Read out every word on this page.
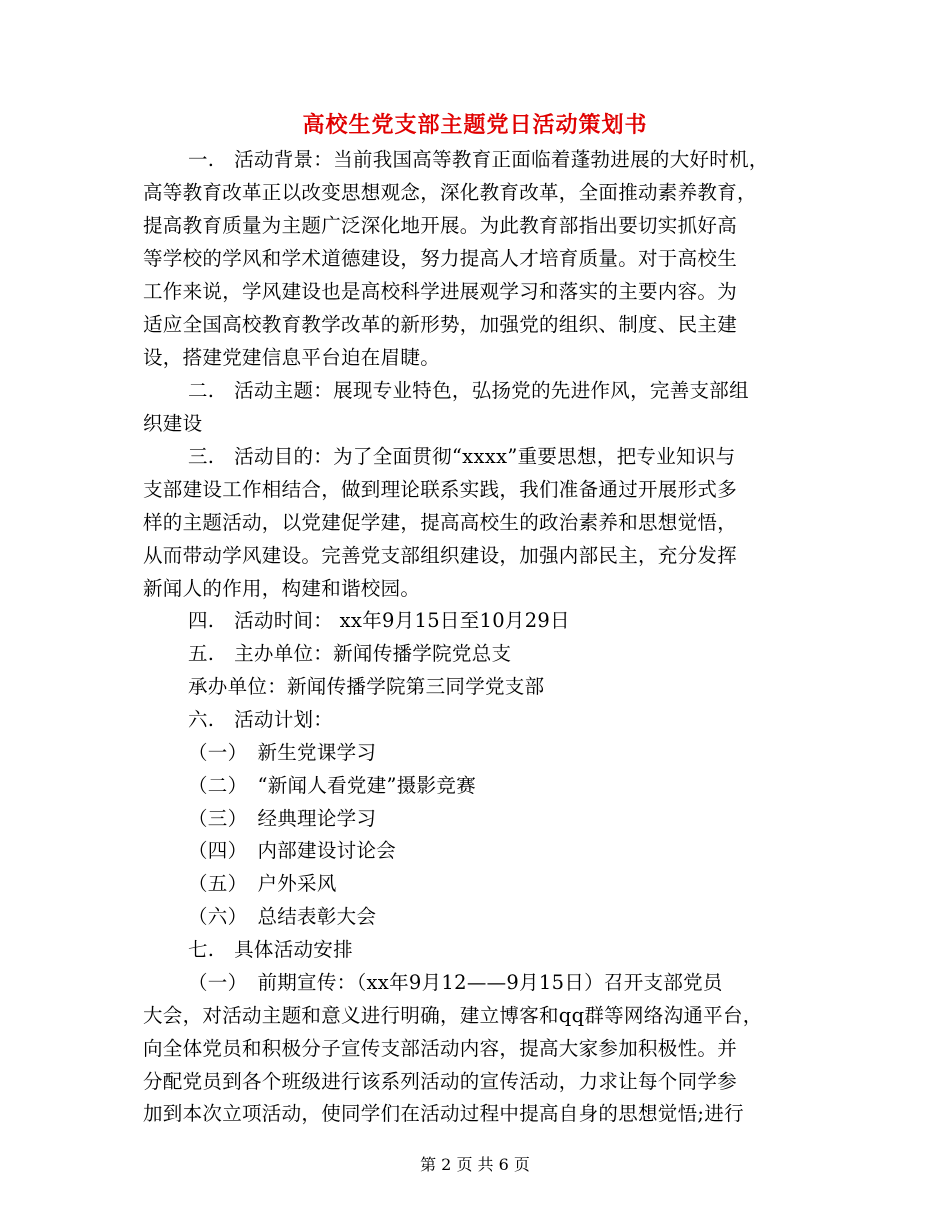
高校生党支部主题党日活动策划书
一.　活动背景：当前我国高等教育正面临着蓬勃进展的大好时机，
高等教育改革正以改变思想观念，深化教育改革，全面推动素养教育，
提高教育质量为主题广泛深化地开展。为此教育部指出要切实抓好高
等学校的学风和学术道德建设，努力提高人才培育质量。对于高校生
工作来说，学风建设也是高校科学进展观学习和落实的主要内容。为
适应全国高校教育教学改革的新形势，加强党的组织、制度、民主建
设，搭建党建信息平台迫在眉睫。
二.　活动主题：展现专业特色，弘扬党的先进作风，完善支部组
织建设
三.　活动目的：为了全面贯彻“xxxx”重要思想，把专业知识与
支部建设工作相结合，做到理论联系实践，我们准备通过开展形式多
样的主题活动，以党建促学建，提高高校生的政治素养和思想觉悟，
从而带动学风建设。完善党支部组织建设，加强内部民主，充分发挥
新闻人的作用，构建和谐校园。
四.　活动时间： xx年9月15日至10月29日
五.　主办单位：新闻传播学院党总支
承办单位：新闻传播学院第三同学党支部
六.　活动计划：
（一）　新生党课学习
（二）　“新闻人看党建”摄影竞赛
（三）　经典理论学习
（四）　内部建设讨论会
（五）　户外采风
（六）　总结表彰大会
七.　具体活动安排
（一）　前期宣传：（xx年9月12——9月15日）召开支部党员
大会，对活动主题和意义进行明确，建立博客和qq群等网络沟通平台，
向全体党员和积极分子宣传支部活动内容，提高大家参加积极性。并
分配党员到各个班级进行该系列活动的宣传活动，力求让每个同学参
加到本次立项活动，使同学们在活动过程中提高自身的思想觉悟;进行
第 2 页 共 6 页
